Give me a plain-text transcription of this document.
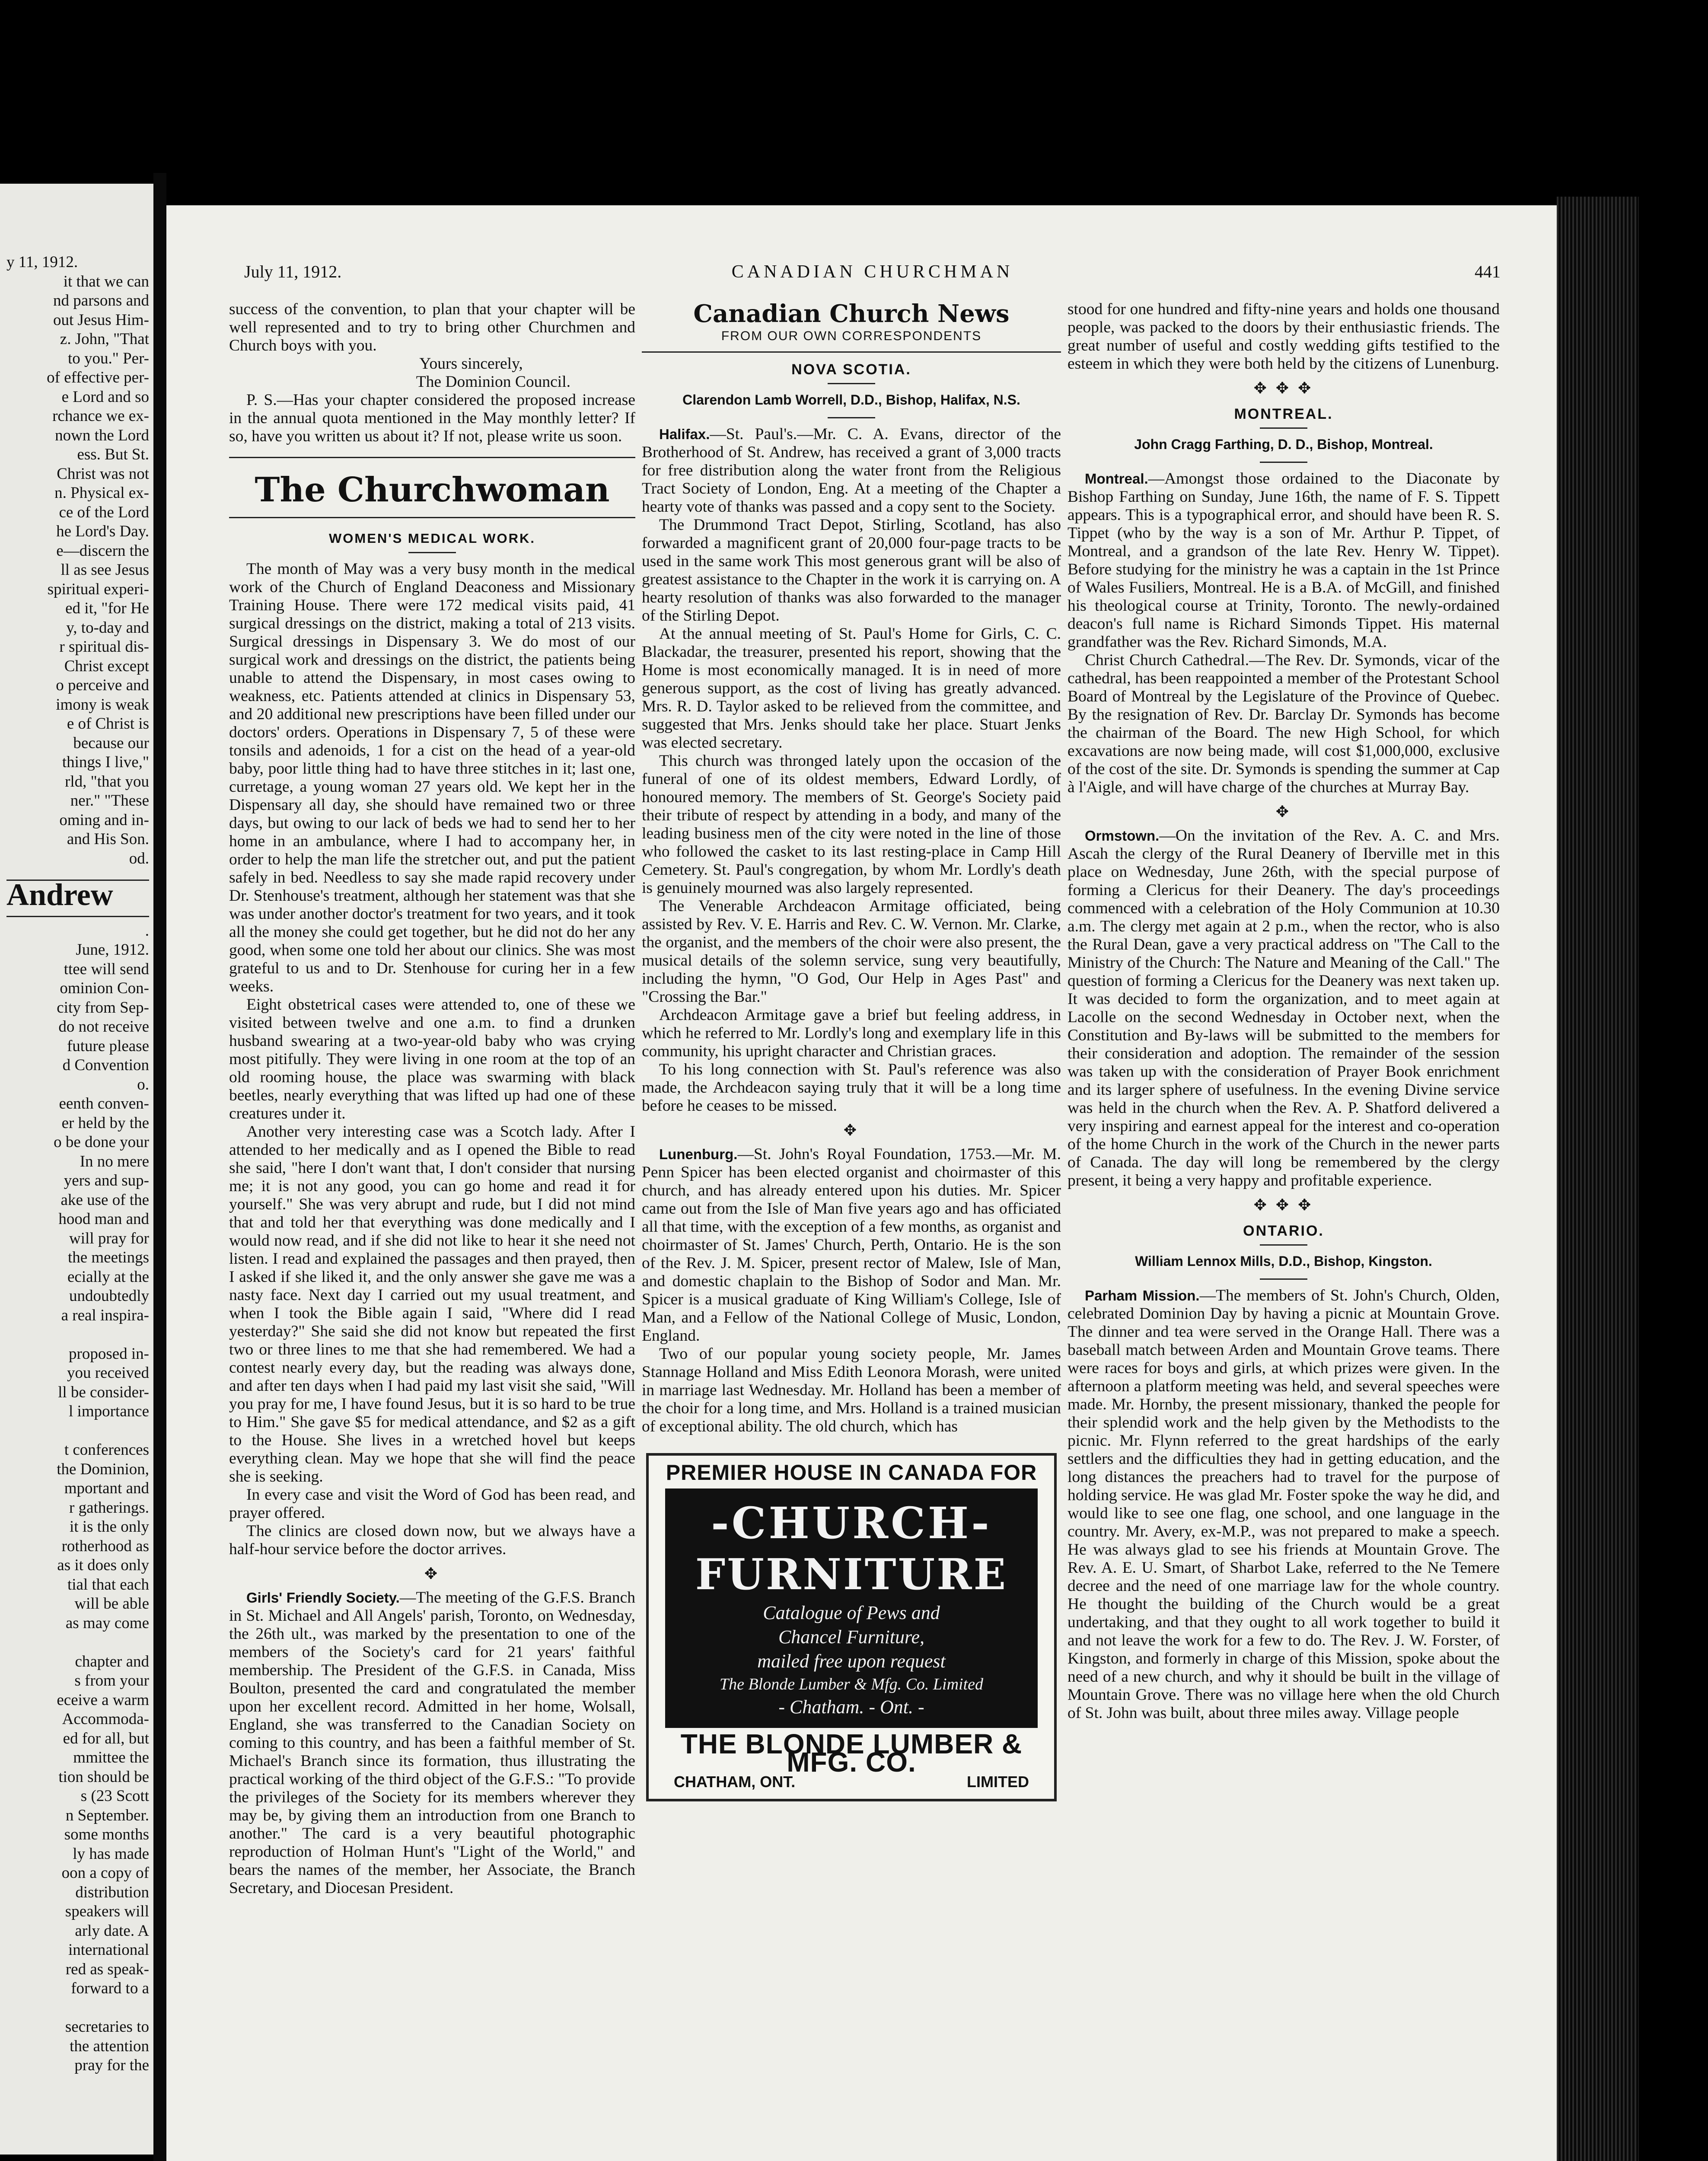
y 11, 1912.
it that we can
nd parsons and
out Jesus Him-
z. John, "That
to you." Per-
of effective per-
e Lord and so
rchance we ex-
nown the Lord
ess. But St.
Christ was not
n. Physical ex-
ce of the Lord
he Lord's Day.
e—discern the
ll as see Jesus
spiritual experi-
ed it, "for He
y, to-day and
r spiritual dis-
Christ except
o perceive and
imony is weak
e of Christ is
because our
things I live,"
rld, "that you
ner." "These
oming and in-
and His Son.
od.
Andrew
.
June, 1912.
ttee will send
ominion Con-
city from Sep-
do not receive
future please
d Convention
o.
eenth conven-
er held by the
o be done your
In no mere
yers and sup-
ake use of the
hood man and
will pray for
the meetings
ecially at the
undoubtedly
a real inspira-

proposed in-
you received
ll be consider-
l importance

t conferences
the Dominion,
mportant and
r gatherings.
it is the only
rotherhood as
as it does only
tial that each
will be able
as may come

chapter and
s from your
eceive a warm
Accommoda-
ed for all, but
mmittee the
tion should be
s (23 Scott
n September.
some months
ly has made
oon a copy of
distribution
speakers will
arly date. A
international
red as speak-
forward to a

secretaries to
the attention
pray for the
July 11, 1912.	CANADIAN CHURCHMAN	441

success of the convention, to plan that your chapter will be well represented and to try to bring other Churchmen and Church boys with you.

Yours sincerely,

The Dominion Council.

P. S.—Has your chapter considered the proposed increase in the annual quota mentioned in the May monthly letter? If so, have you written us about it? If not, please write us soon.

The Churchwoman
WOMEN'S MEDICAL WORK.

The month of May was a very busy month in the medical work of the Church of England Deaconess and Missionary Training House. There were 172 medical visits paid, 41 surgical dressings on the district, making a total of 213 visits. Surgical dressings in Dispensary 3. We do most of our surgical work and dressings on the district, the patients being unable to attend the Dispensary, in most cases owing to weakness, etc. Patients attended at clinics in Dispensary 53, and 20 additional new prescriptions have been filled under our doctors' orders. Operations in Dispensary 7, 5 of these were tonsils and adenoids, 1 for a cist on the head of a year-old baby, poor little thing had to have three stitches in it; last one, curretage, a young woman 27 years old. We kept her in the Dispensary all day, she should have remained two or three days, but owing to our lack of beds we had to send her to her home in an ambulance, where I had to accompany her, in order to help the man life the stretcher out, and put the patient safely in bed. Needless to say she made rapid recovery under Dr. Stenhouse's treatment, although her statement was that she was under another doctor's treatment for two years, and it took all the money she could get together, but he did not do her any good, when some one told her about our clinics. She was most grateful to us and to Dr. Stenhouse for curing her in a few weeks.

Eight obstetrical cases were attended to, one of these we visited between twelve and one a.m. to find a drunken husband swearing at a two-year-old baby who was crying most pitifully. They were living in one room at the top of an old rooming house, the place was swarming with black beetles, nearly everything that was lifted up had one of these creatures under it.

Another very interesting case was a Scotch lady. After I attended to her medically and as I opened the Bible to read she said, "here I don't want that, I don't consider that nursing me; it is not any good, you can go home and read it for yourself." She was very abrupt and rude, but I did not mind that and told her that everything was done medically and I would now read, and if she did not like to hear it she need not listen. I read and explained the passages and then prayed, then I asked if she liked it, and the only answer she gave me was a nasty face. Next day I carried out my usual treatment, and when I took the Bible again I said, "Where did I read yesterday?" She said she did not know but repeated the first two or three lines to me that she had remembered. We had a contest nearly every day, but the reading was always done, and after ten days when I had paid my last visit she said, "Will you pray for me, I have found Jesus, but it is so hard to be true to Him." She gave $5 for medical attendance, and $2 as a gift to the House. She lives in a wretched hovel but keeps everything clean. May we hope that she will find the peace she is seeking.

In every case and visit the Word of God has been read, and prayer offered.

The clinics are closed down now, but we always have a half-hour service before the doctor arrives.

✥

Girls' Friendly Society.—The meeting of the G.F.S. Branch in St. Michael and All Angels' parish, Toronto, on Wednesday, the 26th ult., was marked by the presentation to one of the members of the Society's card for 21 years' faithful membership. The President of the G.F.S. in Canada, Miss Boulton, presented the card and congratulated the member upon her excellent record. Admitted in her home, Wolsall, England, she was transferred to the Canadian Society on coming to this country, and has been a faithful member of St. Michael's Branch since its formation, thus illustrating the practical working of the third object of the G.F.S.: "To provide the privileges of the Society for its members wherever they may be, by giving them an introduction from one Branch to another." The card is a very beautiful photographic reproduction of Holman Hunt's "Light of the World," and bears the names of the member, her Associate, the Branch Secretary, and Diocesan President.

Canadian Church News
FROM OUR OWN CORRESPONDENTS
NOVA SCOTIA.
Clarendon Lamb Worrell, D.D., Bishop, Halifax, N.S.

Halifax.—St. Paul's.—Mr. C. A. Evans, director of the Brotherhood of St. Andrew, has received a grant of 3,000 tracts for free distribution along the water front from the Religious Tract Society of London, Eng. At a meeting of the Chapter a hearty vote of thanks was passed and a copy sent to the Society.

The Drummond Tract Depot, Stirling, Scotland, has also forwarded a magnificent grant of 20,000 four-page tracts to be used in the same work This most generous grant will be also of greatest assistance to the Chapter in the work it is carrying on. A hearty resolution of thanks was also forwarded to the manager of the Stirling Depot.

At the annual meeting of St. Paul's Home for Girls, C. C. Blackadar, the treasurer, presented his report, showing that the Home is most economically managed. It is in need of more generous support, as the cost of living has greatly advanced. Mrs. R. D. Taylor asked to be relieved from the committee, and suggested that Mrs. Jenks should take her place. Stuart Jenks was elected secretary.

This church was thronged lately upon the occasion of the funeral of one of its oldest members, Edward Lordly, of honoured memory. The members of St. George's Society paid their tribute of respect by attending in a body, and many of the leading business men of the city were noted in the line of those who followed the casket to its last resting-place in Camp Hill Cemetery. St. Paul's congregation, by whom Mr. Lordly's death is genuinely mourned was also largely represented.

The Venerable Archdeacon Armitage officiated, being assisted by Rev. V. E. Harris and Rev. C. W. Vernon. Mr. Clarke, the organist, and the members of the choir were also present, the musical details of the solemn service, sung very beautifully, including the hymn, "O God, Our Help in Ages Past" and "Crossing the Bar."

Archdeacon Armitage gave a brief but feeling address, in which he referred to Mr. Lordly's long and exemplary life in this community, his upright character and Christian graces.

To his long connection with St. Paul's reference was also made, the Archdeacon saying truly that it will be a long time before he ceases to be missed.

✥

Lunenburg.—St. John's Royal Foundation, 1753.—Mr. M. Penn Spicer has been elected organist and choirmaster of this church, and has already entered upon his duties. Mr. Spicer came out from the Isle of Man five years ago and has officiated all that time, with the exception of a few months, as organist and choirmaster of St. James' Church, Perth, Ontario. He is the son of the Rev. J. M. Spicer, present rector of Malew, Isle of Man, and domestic chaplain to the Bishop of Sodor and Man. Mr. Spicer is a musical graduate of King William's College, Isle of Man, and a Fellow of the National College of Music, London, England.

Two of our popular young society people, Mr. James Stannage Holland and Miss Edith Leonora Morash, were united in marriage last Wednesday. Mr. Holland has been a member of the choir for a long time, and Mrs. Holland is a trained musician of exceptional ability. The old church, which has

PREMIER HOUSE IN CANADA FOR
-CHURCH-
FURNITURE
Catalogue of Pews and
Chancel Furniture,
mailed free upon request
The Blonde Lumber & Mfg. Co. Limited
- Chatham. - Ont. -
THE BLONDE LUMBER & MFG. CO.
CHATHAM, ONT.	LIMITED

stood for one hundred and fifty-nine years and holds one thousand people, was packed to the doors by their enthusiastic friends. The great number of useful and costly wedding gifts testified to the esteem in which they were both held by the citizens of Lunenburg.

✥ ✥ ✥
MONTREAL.
John Cragg Farthing, D. D., Bishop, Montreal.

Montreal.—Amongst those ordained to the Diaconate by Bishop Farthing on Sunday, June 16th, the name of F. S. Tippett appears. This is a typographical error, and should have been R. S. Tippet (who by the way is a son of Mr. Arthur P. Tippet, of Montreal, and a grandson of the late Rev. Henry W. Tippet). Before studying for the ministry he was a captain in the 1st Prince of Wales Fusiliers, Montreal. He is a B.A. of McGill, and finished his theological course at Trinity, Toronto. The newly-ordained deacon's full name is Richard Simonds Tippet. His maternal grandfather was the Rev. Richard Simonds, M.A.

Christ Church Cathedral.—The Rev. Dr. Symonds, vicar of the cathedral, has been reappointed a member of the Protestant School Board of Montreal by the Legislature of the Province of Quebec. By the resignation of Rev. Dr. Barclay Dr. Symonds has become the chairman of the Board. The new High School, for which excavations are now being made, will cost $1,000,000, exclusive of the cost of the site. Dr. Symonds is spending the summer at Cap à l'Aigle, and will have charge of the churches at Murray Bay.

✥

Ormstown.—On the invitation of the Rev. A. C. and Mrs. Ascah the clergy of the Rural Deanery of Iberville met in this place on Wednesday, June 26th, with the special purpose of forming a Clericus for their Deanery. The day's proceedings commenced with a celebration of the Holy Communion at 10.30 a.m. The clergy met again at 2 p.m., when the rector, who is also the Rural Dean, gave a very practical address on "The Call to the Ministry of the Church: The Nature and Meaning of the Call." The question of forming a Clericus for the Deanery was next taken up. It was decided to form the organization, and to meet again at Lacolle on the second Wednesday in October next, when the Constitution and By-laws will be submitted to the members for their consideration and adoption. The remainder of the session was taken up with the consideration of Prayer Book enrichment and its larger sphere of usefulness. In the evening Divine service was held in the church when the Rev. A. P. Shatford delivered a very inspiring and earnest appeal for the interest and co-operation of the home Church in the work of the Church in the newer parts of Canada. The day will long be remembered by the clergy present, it being a very happy and profitable experience.

✥ ✥ ✥
ONTARIO.
William Lennox Mills, D.D., Bishop, Kingston.

Parham Mission.—The members of St. John's Church, Olden, celebrated Dominion Day by having a picnic at Mountain Grove. The dinner and tea were served in the Orange Hall. There was a baseball match between Arden and Mountain Grove teams. There were races for boys and girls, at which prizes were given. In the afternoon a platform meeting was held, and several speeches were made. Mr. Hornby, the present missionary, thanked the people for their splendid work and the help given by the Methodists to the picnic. Mr. Flynn referred to the great hardships of the early settlers and the difficulties they had in getting education, and the long distances the preachers had to travel for the purpose of holding service. He was glad Mr. Foster spoke the way he did, and would like to see one flag, one school, and one language in the country. Mr. Avery, ex-M.P., was not prepared to make a speech. He was always glad to see his friends at Mountain Grove. The Rev. A. E. U. Smart, of Sharbot Lake, referred to the Ne Temere decree and the need of one marriage law for the whole country. He thought the building of the Church would be a great undertaking, and that they ought to all work together to build it and not leave the work for a few to do. The Rev. J. W. Forster, of Kingston, and formerly in charge of this Mission, spoke about the need of a new church, and why it should be built in the village of Mountain Grove. There was no village here when the old Church of St. John was built, about three miles away. Village people
